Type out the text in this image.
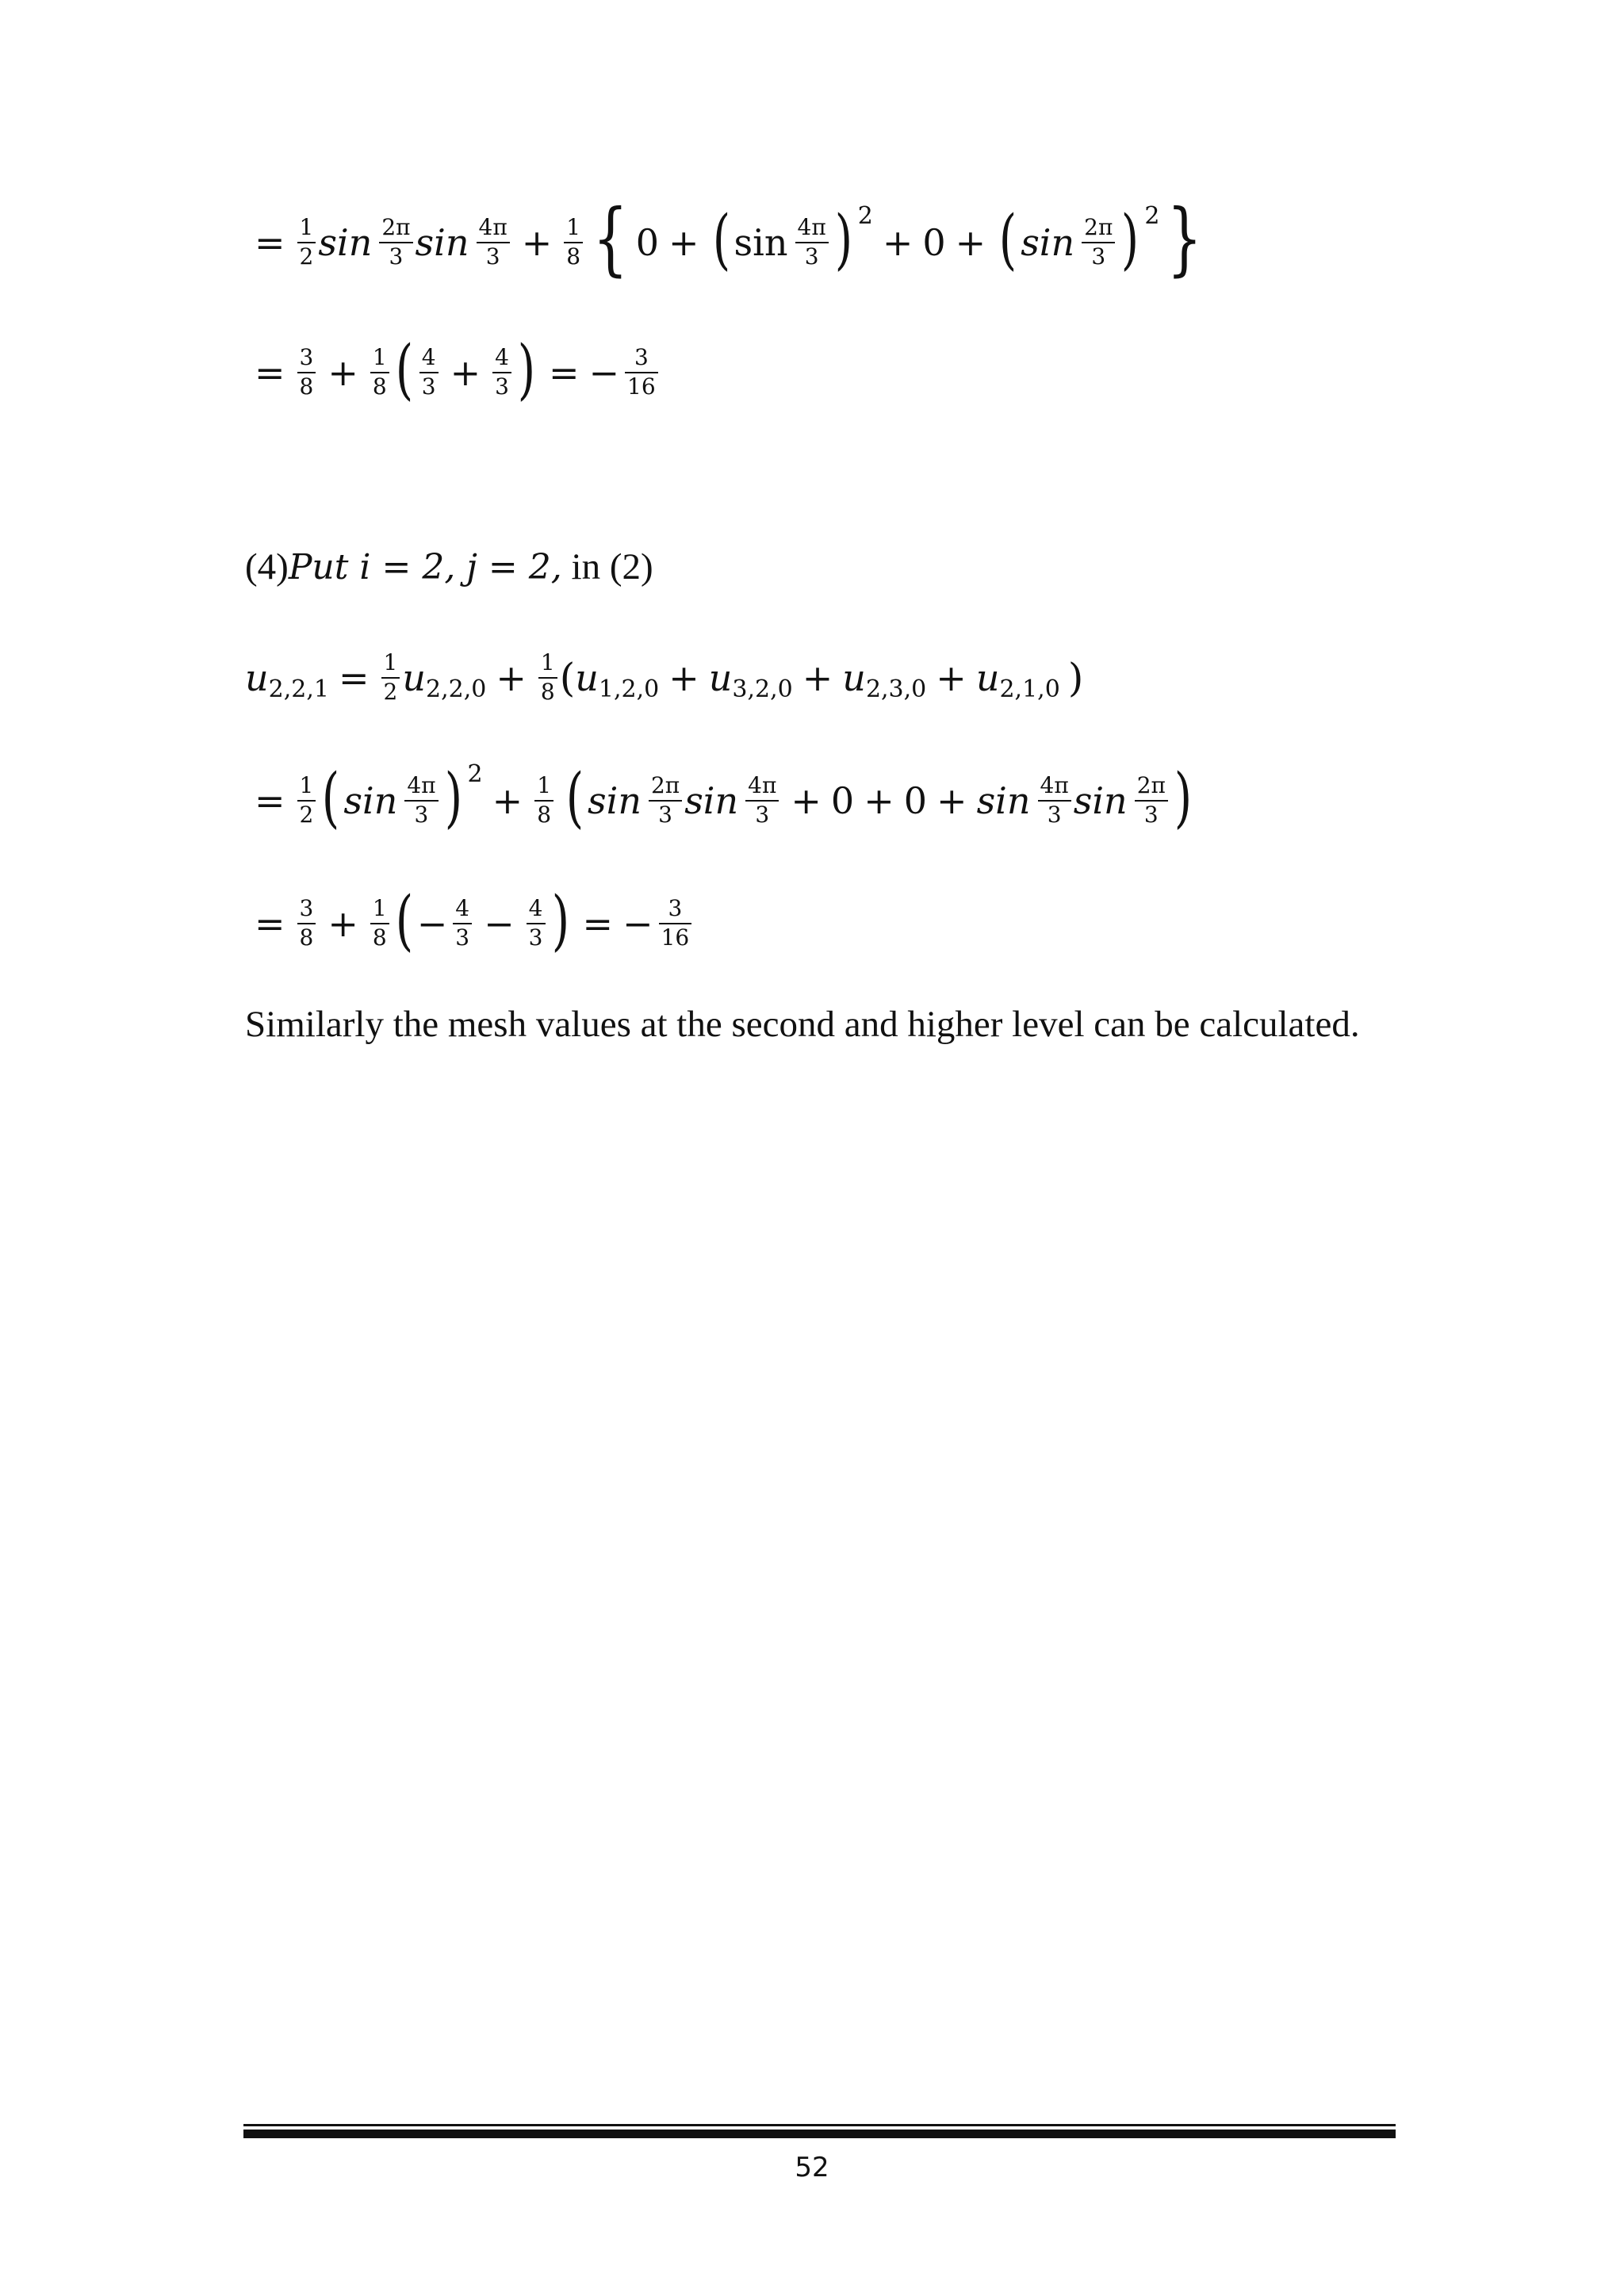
= $\frac{1}{2}$ $\sin \frac{2\pi}{3}$ $\sin \frac{4\pi}{3} + \frac{1}{8}$ { 0 + ( $\sin \frac{4\pi}{3}$ ) 2
+ 0 + ( $\sin \frac{2\pi}{3}$ ) 2 }
= $\frac{3}{8} + \frac{1}{8}$ ( $\frac{4}{3} + \frac{4}{3}$ ) = − $\frac{3}{16}$
(4)Put i = 2, j = 2, in (2)
u $2,2,1 = \frac{1}{2}$ u $2,2,0 + \frac{1}{8}$ ( u 1,2,0 + u 3,2,0 + u 2,3,0 + u 2,1,0 )
= $\frac{1}{2}$ ( $\sin \frac{4\pi}{3}$ ) 2
+ $\frac{1}{8}$ ( $\sin \frac{2\pi}{3}$ $\sin \frac{4\pi}{3} + 0 + 0 + \sin \frac{4\pi}{3}$ $\sin \frac{2\pi}{3}$ )
= $\frac{3}{8} + \frac{1}{8}$ ( − $\frac{4}{3} - \frac{4}{3}$ ) = − $\frac{3}{16}$
Similarly the mesh values at the second and higher level can be calculated.
52
